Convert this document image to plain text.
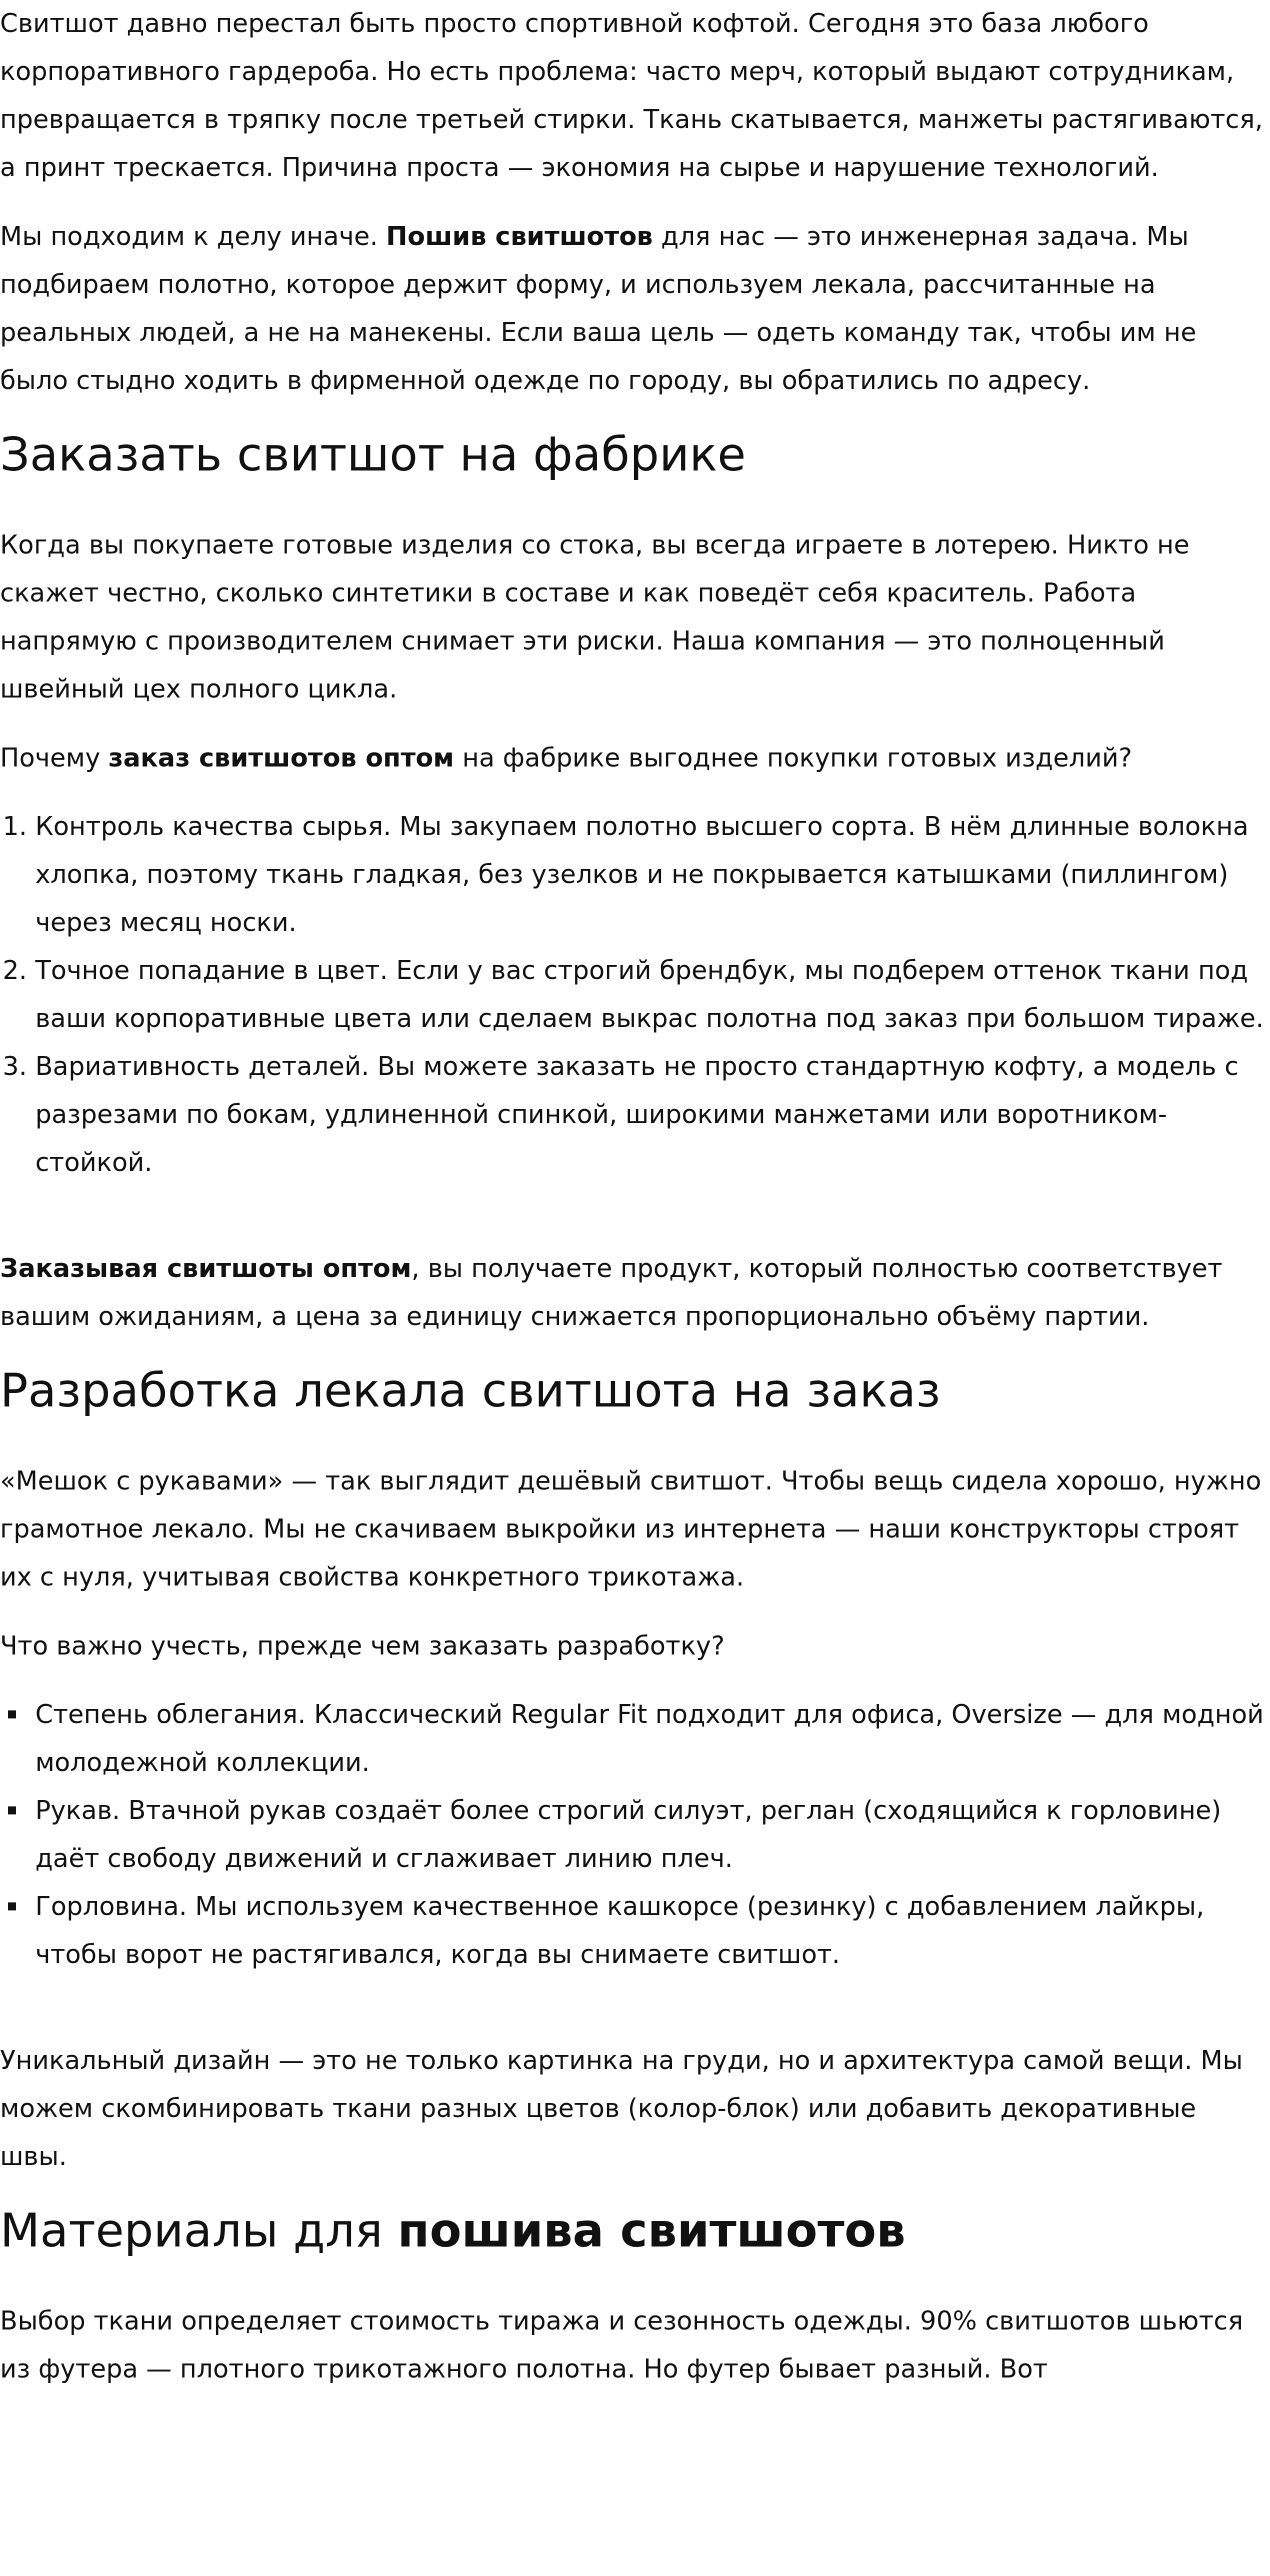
Свитшот давно перестал быть просто спортивной кофтой. Сегодня это база любого корпоративного гардероба. Но есть проблема: часто мерч, который выдают сотрудникам, превращается в тряпку после третьей стирки. Ткань скатывается, манжеты растягиваются, а принт трескается. Причина проста — экономия на сырье и нарушение технологий.

Мы подходим к делу иначе. Пошив свитшотов для нас — это инженерная задача. Мы подбираем полотно, которое держит форму, и используем лекала, рассчитанные на реальных людей, а не на манекены. Если ваша цель — одеть команду так, чтобы им не было стыдно ходить в фирменной одежде по городу, вы обратились по адресу.

Заказать свитшот на фабрике

Когда вы покупаете готовые изделия со стока, вы всегда играете в лотерею. Никто не скажет честно, сколько синтетики в составе и как поведёт себя краситель. Работа напрямую с производителем снимает эти риски. Наша компания — это полноценный швейный цех полного цикла.

Почему заказ свитшотов оптом на фабрике выгоднее покупки готовых изделий?

1. Контроль качества сырья. Мы закупаем полотно высшего сорта. В нём длинные волокна хлопка, поэтому ткань гладкая, без узелков и не покрывается катышками (пиллингом) через месяц носки.
2. Точное попадание в цвет. Если у вас строгий брендбук, мы подберем оттенок ткани под ваши корпоративные цвета или сделаем выкрас полотна под заказ при большом тираже.
3. Вариативность деталей. Вы можете заказать не просто стандартную кофту, а модель с разрезами по бокам, удлиненной спинкой, широкими манжетами или воротником-стойкой.

Заказывая свитшоты оптом, вы получаете продукт, который полностью соответствует вашим ожиданиям, а цена за единицу снижается пропорционально объёму партии.

Разработка лекала свитшота на заказ

«Мешок с рукавами» — так выглядит дешёвый свитшот. Чтобы вещь сидела хорошо, нужно грамотное лекало. Мы не скачиваем выкройки из интернета — наши конструкторы строят их с нуля, учитывая свойства конкретного трикотажа.

Что важно учесть, прежде чем заказать разработку?

▪ Степень облегания. Классический Regular Fit подходит для офиса, Oversize — для модной молодежной коллекции.
▪ Рукав. Втачной рукав создаёт более строгий силуэт, реглан (сходящийся к горловине) даёт свободу движений и сглаживает линию плеч.
▪ Горловина. Мы используем качественное кашкорсе (резинку) с добавлением лайкры, чтобы ворот не растягивался, когда вы снимаете свитшот.

Уникальный дизайн — это не только картинка на груди, но и архитектура самой вещи. Мы можем скомбинировать ткани разных цветов (колор-блок) или добавить декоративные швы.

Материалы для пошива свитшотов

Выбор ткани определяет стоимость тиража и сезонность одежды. 90% свитшотов шьются из футера — плотного трикотажного полотна. Но футер бывает разный. Вот
